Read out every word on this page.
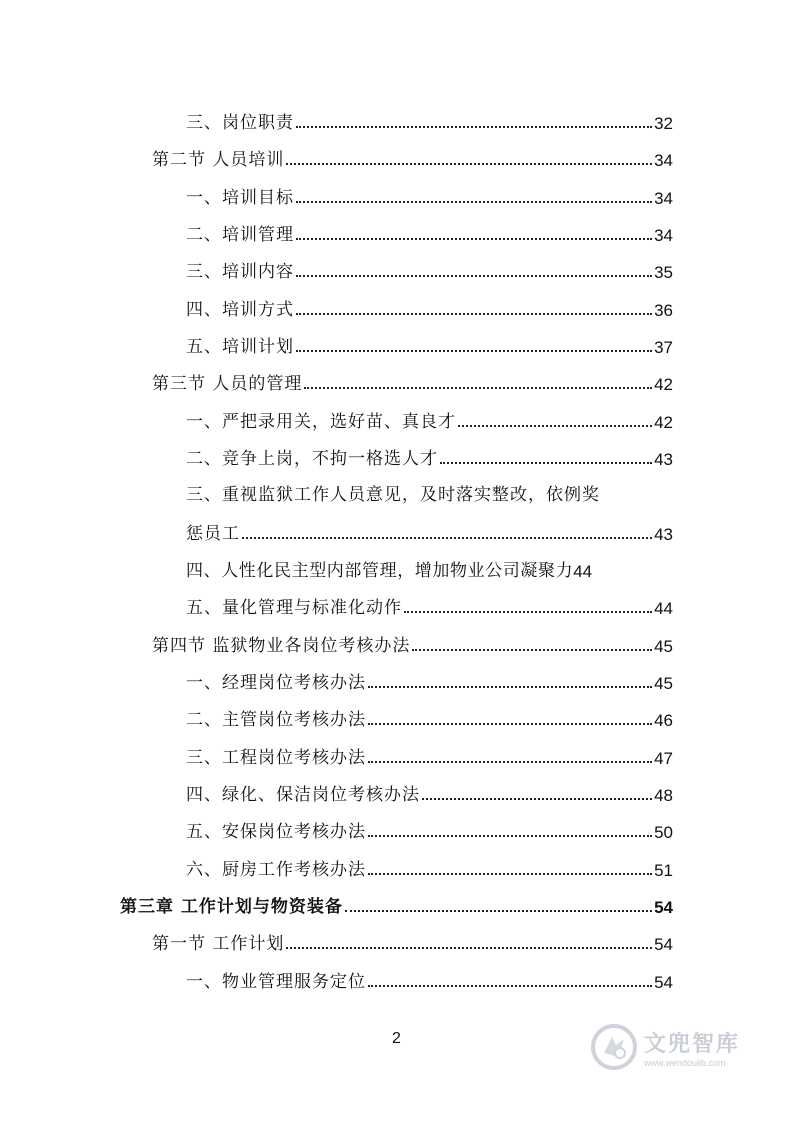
三、岗位职责	32
第二节 人员培训	34
一、培训目标	34
二、培训管理	34
三、培训内容	35
四、培训方式	36
五、培训计划	37
第三节 人员的管理	42
一、严把录用关，选好苗、真良才	42
二、竞争上岗，不拘一格选人才	43
三、重视监狱工作人员意见，及时落实整改，依例奖
惩员工	43
四、人性化民主型内部管理，增加物业公司凝聚力 44
五、量化管理与标准化动作	44
第四节 监狱物业各岗位考核办法	45
一、经理岗位考核办法	45
二、主管岗位考核办法	46
三、工程岗位考核办法	47
四、绿化、保洁岗位考核办法	48
五、安保岗位考核办法	50
六、厨房工作考核办法	51
第三章 工作计划与物资装备	54
第一节 工作计划	54
一、物业管理服务定位	54
2	文兜智库
www.wendoulib.com
